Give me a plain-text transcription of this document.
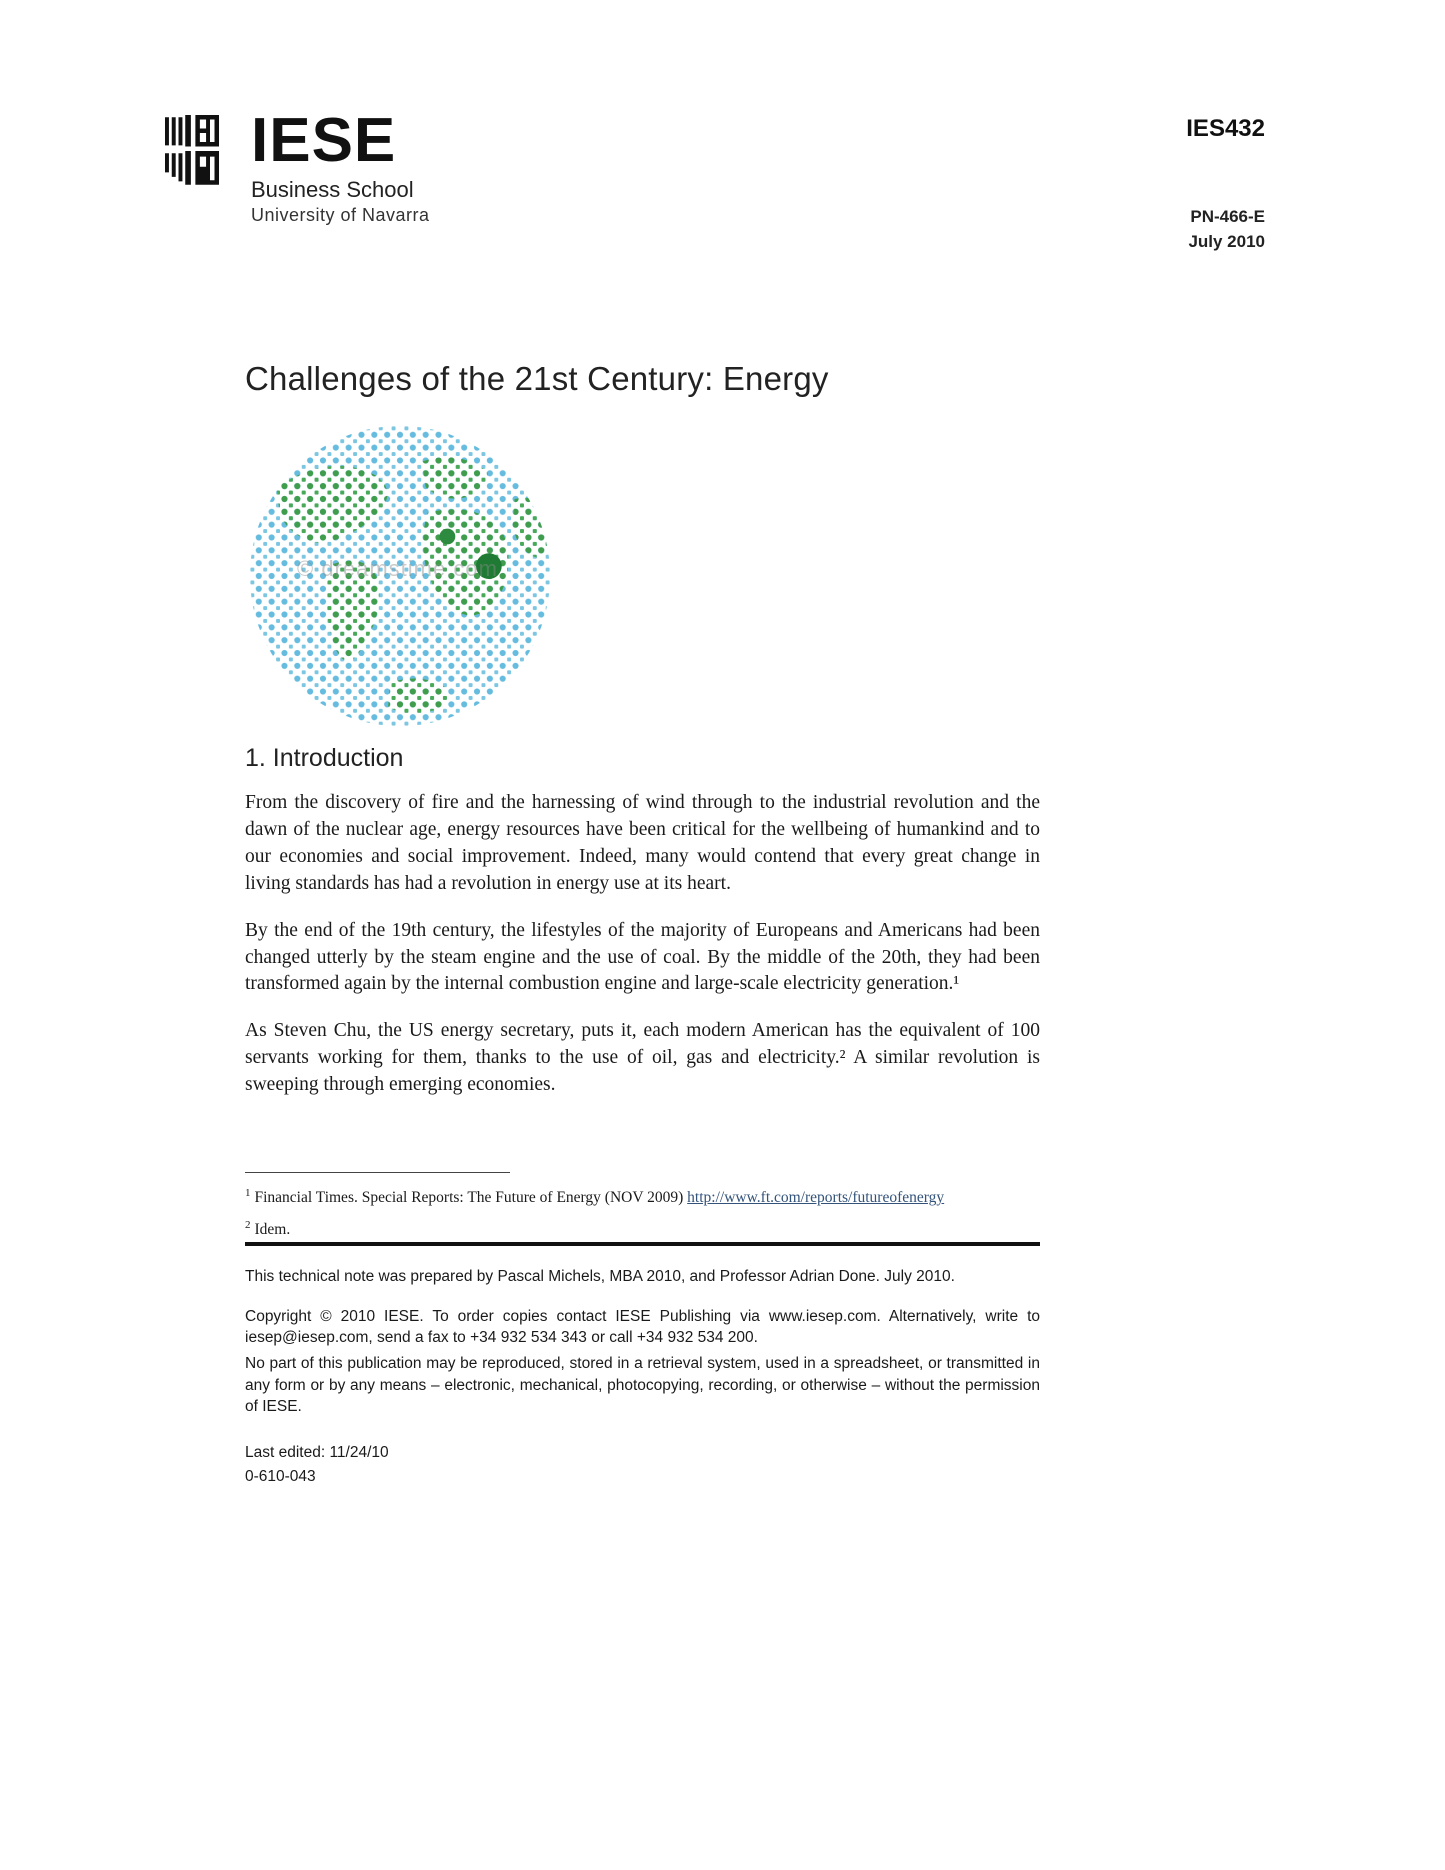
IESE
Business School
University of Navarra
IES432
PN-466-E
July 2010
Challenges of the 21st Century: Energy
© dreamstime.com
1. Introduction

From the discovery of fire and the harnessing of wind through to the industrial revolution and the dawn of the nuclear age, energy resources have been critical for the wellbeing of humankind and to our economies and social improvement. Indeed, many would contend that every great change in living standards has had a revolution in energy use at its heart.

By the end of the 19th century, the lifestyles of the majority of Europeans and Americans had been changed utterly by the steam engine and the use of coal. By the middle of the 20th, they had been transformed again by the internal combustion engine and large-scale electricity generation.¹

As Steven Chu, the US energy secretary, puts it, each modern American has the equivalent of 100 servants working for them, thanks to the use of oil, gas and electricity.² A similar revolution is sweeping through emerging economies.

$^1$ Financial Times. Special Reports: The Future of Energy (NOV 2009) http://www.ft.com/reports/futureofenergy
$^2$ Idem.

This technical note was prepared by Pascal Michels, MBA 2010, and Professor Adrian Done. July 2010.

Copyright © 2010 IESE. To order copies contact IESE Publishing via www.iesep.com. Alternatively, write to iesep@iesep.com, send a fax to +34 932 534 343 or call +34 932 534 200.

No part of this publication may be reproduced, stored in a retrieval system, used in a spreadsheet, or transmitted in any form or by any means – electronic, mechanical, photocopying, recording, or otherwise – without the permission of IESE.

Last edited: 11/24/10

0-610-043
